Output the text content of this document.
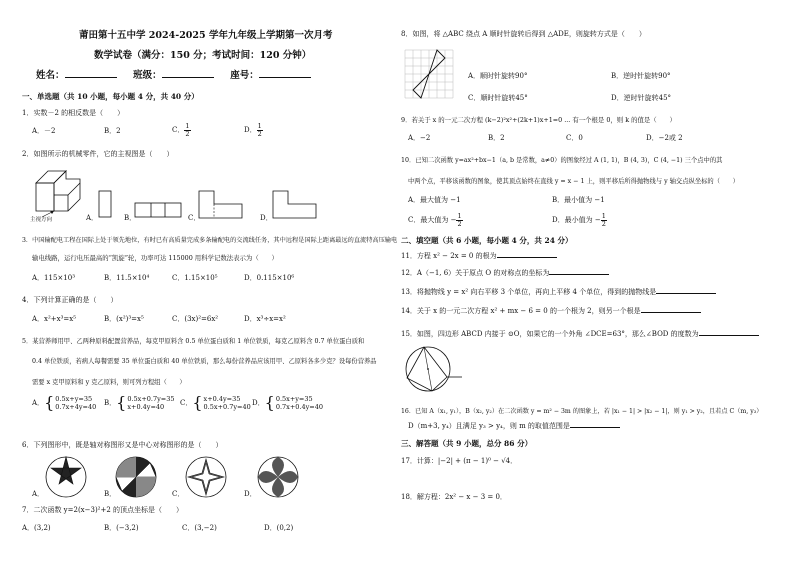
莆田第十五中学 2024-2025 学年九年级上学期第一次月考
数学试卷（满分：150 分；考试时间：120 分钟）
姓名：	班级：	座号：
一、单选题（共 10 小题，每小题 4 分，共 40 分）
1．实数－2 的相反数是（　　）
A．－2	B．2	C． $\frac{1}{2}$	D． $\frac{1}{2}$
2．如图所示的机械零件，它的主视图是（　　）
主视方向	A．	B．	C．	D．
3．中国输配电工程在国际上处于领先地位，有时已有高质量完成多条输配电的交流线任务，其中远程是国际上距离最远的直流特高压输电
输电线路，运行电压最高的“凯旋”轮，功率可达 115000 用科学记数法表示为（　　）
A．115×10³	B．11.5×10⁴	C．1.15×10⁵	D．0.115×10⁶
4．下列计算正确的是（　　）
A．x²+x³=x⁵	B．(x²)³=x⁵	C．(3x)²=6x²	D．x³÷x=x²
5．某营养师用甲、乙两种原料配置营养品，每克甲原料含 0.5 单位蛋白质和 1 单位铁质，每克乙原料含 0.7 单位蛋白质和
0.4 单位铁质，若病人每餐需要 35 单位蛋白质和 40 单位铁质，那么每份营养品应该用甲、乙原料各多少克？设每份营养品
需要 x 克甲原料和 y 克乙原料，则可列方程组（　　）
A． { 0.5x+y=35
0.7x+4y=40
B． { 0.5x+0.7y=35
x+0.4y=40
C． { x+0.4y=35
0.5x+0.7y=40
D． { 0.5x+y=35
0.7x+0.4y=40
6．下列图形中，既是轴对称图形又是中心对称图形的是（　　）
A．	B．	C．	D．
7．二次函数 y=2(x−3)²+2 的顶点坐标是（　　）
A．(3,2)	B．(−3,2)	C．(3,−2)	D．(0,2)
8．如图，将 △ABC 绕点 A 顺时针旋转后得到 △ADE，则旋转方式是（　　）
A．顺时针旋转90°	B．逆时针旋转90°
C．顺时针旋转45°	D．逆时针旋转45°
9．若关于 x 的一元二次方程 (k−2)²x²+(2k+1)x+1=0 ... 有一个根是 0，则 k 的值是（　　）
A．−2	B．2	C．0	D．−2或 2
10．已知二次函数 y=ax²+bx−1（a, b 是常数，a≠0）的图象经过 A (1, 1)，B (4, 3)，C (4, −1) 三个点中的其
中两个点，平移该函数的图象，使其顶点始终在直线 y = x − 1 上，则平移后所得抛物线与 y 轴交点纵坐标的（　　）
A．最大值为 −1	B．最小值为 −1
C．最大值为 − $\frac{1}{2}$	D．最小值为 − $\frac{1}{2}$
二、填空题（共 6 小题，每小题 4 分，共 24 分）
11．方程 x² − 2x = 0 的根为
12．A（−1, 6）关于原点 O 的对称点的坐标为
13．将抛物线 y = x² 向右平移 3 个单位，再向上平移 4 个单位，得到的抛物线是
14．关于 x 的一元二次方程 x² + mx − 6 = 0 的一个根为 2，则另一个根是
15．如图，四边形 ABCD 内接于 ⊙O，如果它的一个外角 ∠DCE=63°，那么∠BOD 的度数为
16．已知 A（x₁, y₁），B（x₂, y₂）在二次函数 y = m² − 3m 的图象上，若 |x₁ − 1| > |x₂ − 1|，则 y₁ > y₂，且若点 C（m, y₃）
D（m+3, y₄）且满足 y₃ > y₄，则 m 的取值范围是
三、解答题（共 9 小题，总分 86 分）
17．计算：|−2| + (π − 1)⁰ − √4．
18．解方程：2x² − x − 3 = 0．
